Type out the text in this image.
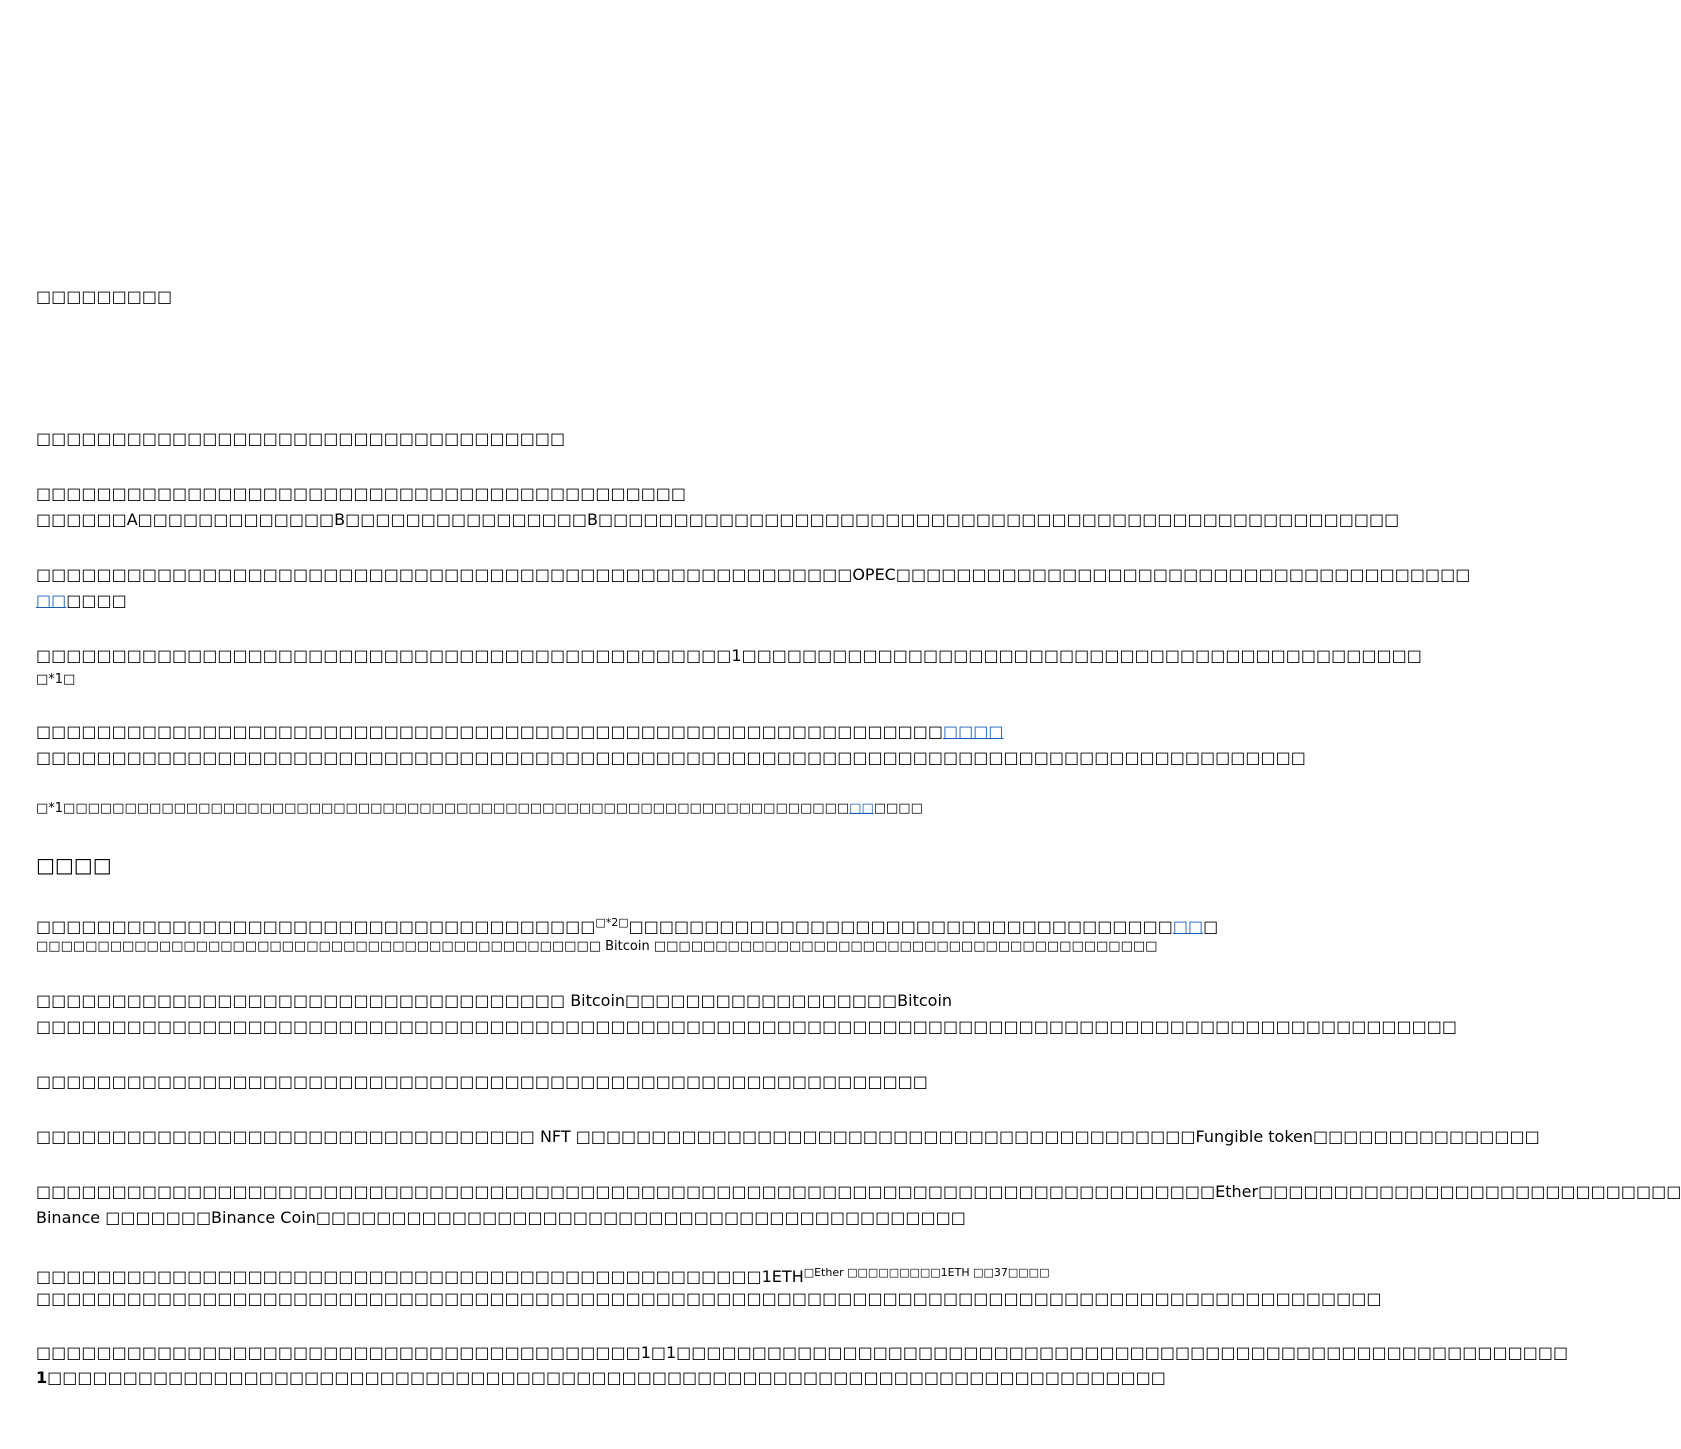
□□□□□□□□□
□□□□□□□□□□□□□□□□□□□□□□□□□□□□□□□□□□□
□□□□□□□□□□□□□□□□□□□□□□□□□□□□□□□□□□□□□□□□□□□
□□□□□□A□□□□□□□□□□□□□B□□□□□□□□□□□□□□□□B□□□□□□□□□□□□□□□□□□□□□□□□□□□□□□□□□□□□□□□□□□□□□□□□□□□□□
□□□□□□□□□□□□□□□□□□□□□□□□□□□□□□□□□□□□□□□□□□□□□□□□□□□□□□OPEC□□□□□□□□□□□□□□□□□□□□□□□□□□□□□□□□□□□□□□
□□□□□□
□□□□□□□□□□□□□□□□□□□□□□□□□□□□□□□□□□□□□□□□□□□□□□1□□□□□□□□□□□□□□□□□□□□□□□□□□□□□□□□□□□□□□□□□□□□□
□*1□
□□□□□□□□□□□□□□□□□□□□□□□□□□□□□□□□□□□□□□□□□□□□□□□□□□□□□□□□□□□□□□□□
□□□□□□□□□□□□□□□□□□□□□□□□□□□□□□□□□□□□□□□□□□□□□□□□□□□□□□□□□□□□□□□□□□□□□□□□□□□□□□□□□□□□
□*1□□□□□□□□□□□□□□□□□□□□□□□□□□□□□□□□□□□□□□□□□□□□□□□□□□□□□□□□□□□□□□□□□□□□□□
□□□□
□□□□□□□□□□□□□□□□□□□□□□□□□□□□□□□□□□□□□$^{□*2□}$□□□□□□□□□□□□□□□□□□□□□□□□□□□□□□□□□□□□□□□
□□□□□□□□□□□□□□□□□□□□□□□□□□□□□□□□□□□□□□□□□□□□□□ Bitcoin □□□□□□□□□□□□□□□□□□□□□□□□□□□□□□□□□□□□□□□□□
□□□□□□□□□□□□□□□□□□□□□□□□□□□□□□□□□□□ Bitcoin□□□□□□□□□□□□□□□□□□Bitcoin
□□□□□□□□□□□□□□□□□□□□□□□□□□□□□□□□□□□□□□□□□□□□□□□□□□□□□□□□□□□□□□□□□□□□□□□□□□□□□□□□□□□□□□□□□□□□□□
□□□□□□□□□□□□□□□□□□□□□□□□□□□□□□□□□□□□□□□□□□□□□□□□□□□□□□□□□□□
□□□□□□□□□□□□□□□□□□□□□□□□□□□□□□□□□ NFT □□□□□□□□□□□□□□□□□□□□□□□□□□□□□□□□□□□□□□□□□Fungible token□□□□□□□□□□□□□□□
□□□□□□□□□□□□□□□□□□□□□□□□□□□□□□□□□□□□□□□□□□□□□□□□□□□□□□□□□□□□□□□□□□□□□□□□□□□□□□Ether□□□□□□□□□□□□□□□□□□□□□□□□□□□□
Binance □□□□□□□Binance Coin□□□□□□□□□□□□□□□□□□□□□□□□□□□□□□□□□□□□□□□□□□□
$□□□□□□□□□□□□□□□□□□□□□□□□□□□□□□□□□□□□□□□□□□□□□□□□1ETH^{□Ether □□□□□□□□□1ETH □□37□□□□}$
□□□□□□□□□□□□□□□□□□□□□□□□□□□□□□□□□□□□□□□□□□□□□□□□□□□□□□□□□□□□□□□□□□□□□□□□□□□□□□□□□□□□□□□□□
□□□□□□□□□□□□□□□□□□□□□□□□□□□□□□□□□□□□□□□□1□1□□□□□□□□□□□□□□□□□□□□□□□□□□□□□□□□□□□□□□□□□□□□□□□□□□□□□□□□□□□
1□□□□□□□□□□□□□□□□□□□□□□□□□□□□□□□□□□□□□□□□□□□□□□□□□□□□□□□□□□□□□□□□□□□□□□□□□□
